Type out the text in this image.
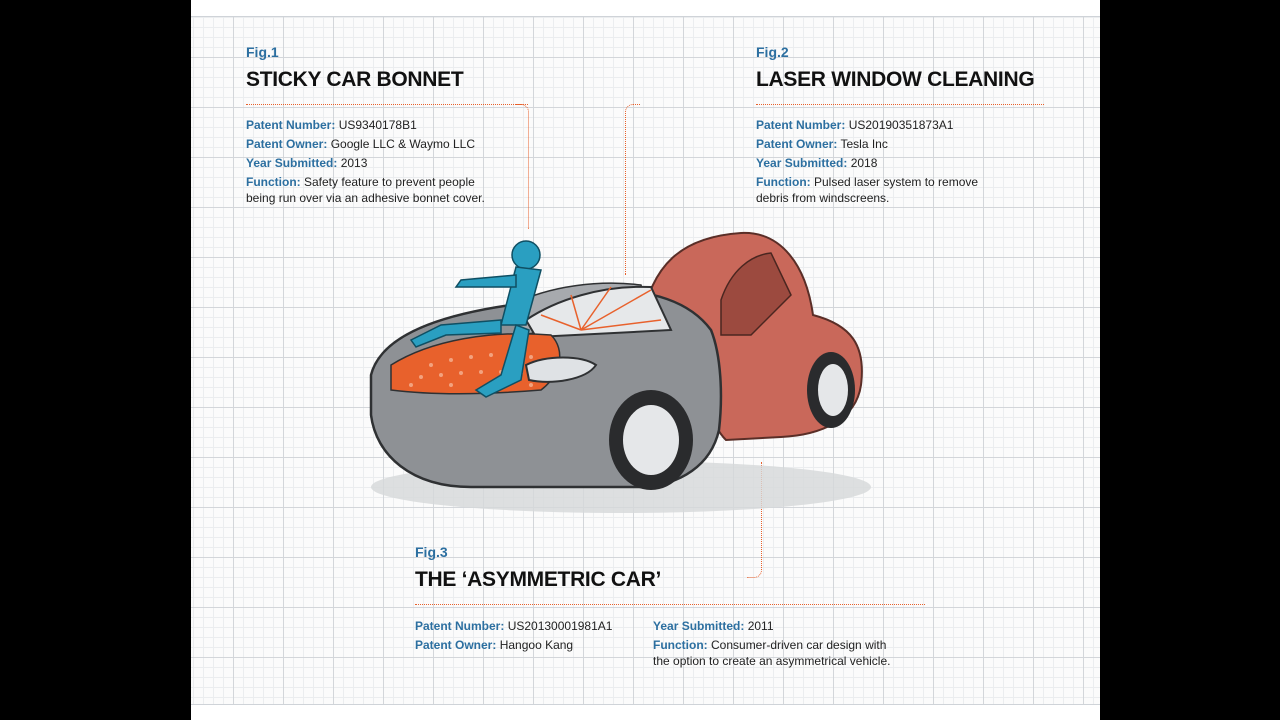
Fig.1

STICKY CAR BONNET

Patent Number: US9340178B1
Patent Owner: Google LLC & Waymo LLC
Year Submitted: 2013
Function: Safety feature to prevent people
being run over via an adhesive bonnet cover.

Fig.2

LASER WINDOW CLEANING

Patent Number: US20190351873A1
Patent Owner: Tesla Inc
Year Submitted: 2018
Function: Pulsed laser system to remove
debris from windscreens.

Fig.3

THE ‘ASYMMETRIC CAR’

Patent Number: US20130001981A1
Patent Owner: Hangoo Kang
Year Submitted: 2011
Function: Consumer-driven car design with
the option to create an asymmetrical vehicle.
